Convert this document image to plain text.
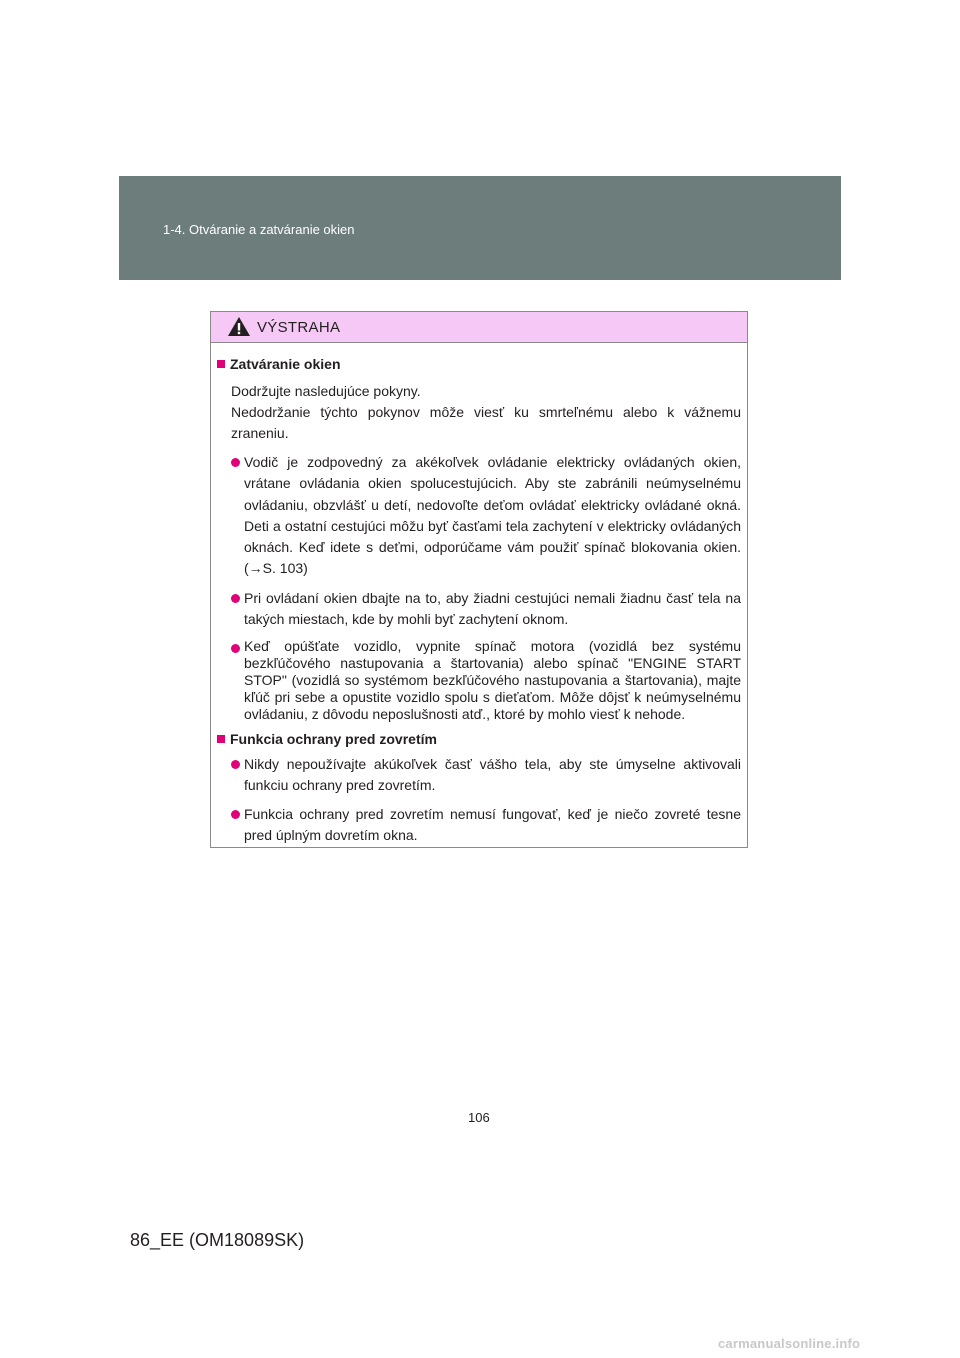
1-4. Otváranie a zatváranie okien
VÝSTRAHA
Zatváranie okien

Dodržujte nasledujúce pokyny.

Nedodržanie týchto pokynov môže viesť ku smrteľnému alebo k vážnemu zraneniu.

Vodič je zodpovedný za akékoľvek ovládanie elektricky ovládaných okien, vrátane ovládania okien spolucestujúcich. Aby ste zabránili neúmyselnému ovládaniu, obzvlášť u detí, nedovoľte deťom ovládať elektricky ovládané okná. Deti a ostatní cestujúci môžu byť časťami tela zachytení v elektricky ovládaných oknách. Keď idete s deťmi, odporúčame vám použiť spínač blokovania okien. (→S. 103)
Pri ovládaní okien dbajte na to, aby žiadni cestujúci nemali žiadnu časť tela na takých miestach, kde by mohli byť zachytení oknom.
Keď opúšťate vozidlo, vypnite spínač motora (vozidlá bez systému bezkľúčového nastupovania a štartovania) alebo spínač "ENGINE START STOP" (vozidlá so systémom bezkľúčového nastupovania a štartovania), majte kľúč pri sebe a opustite vozidlo spolu s dieťaťom. Môže dôjsť k neúmyselnému ovládaniu, z dôvodu neposlušnosti atď., ktoré by mohlo viesť k nehode.
Funkcia ochrany pred zovretím
Nikdy nepoužívajte akúkoľvek časť vášho tela, aby ste úmyselne aktivovali funkciu ochrany pred zovretím.
Funkcia ochrany pred zovretím nemusí fungovať, keď je niečo zovreté tesne pred úplným dovretím okna.
106
86_EE (OM18089SK)
carmanualsonline.info
